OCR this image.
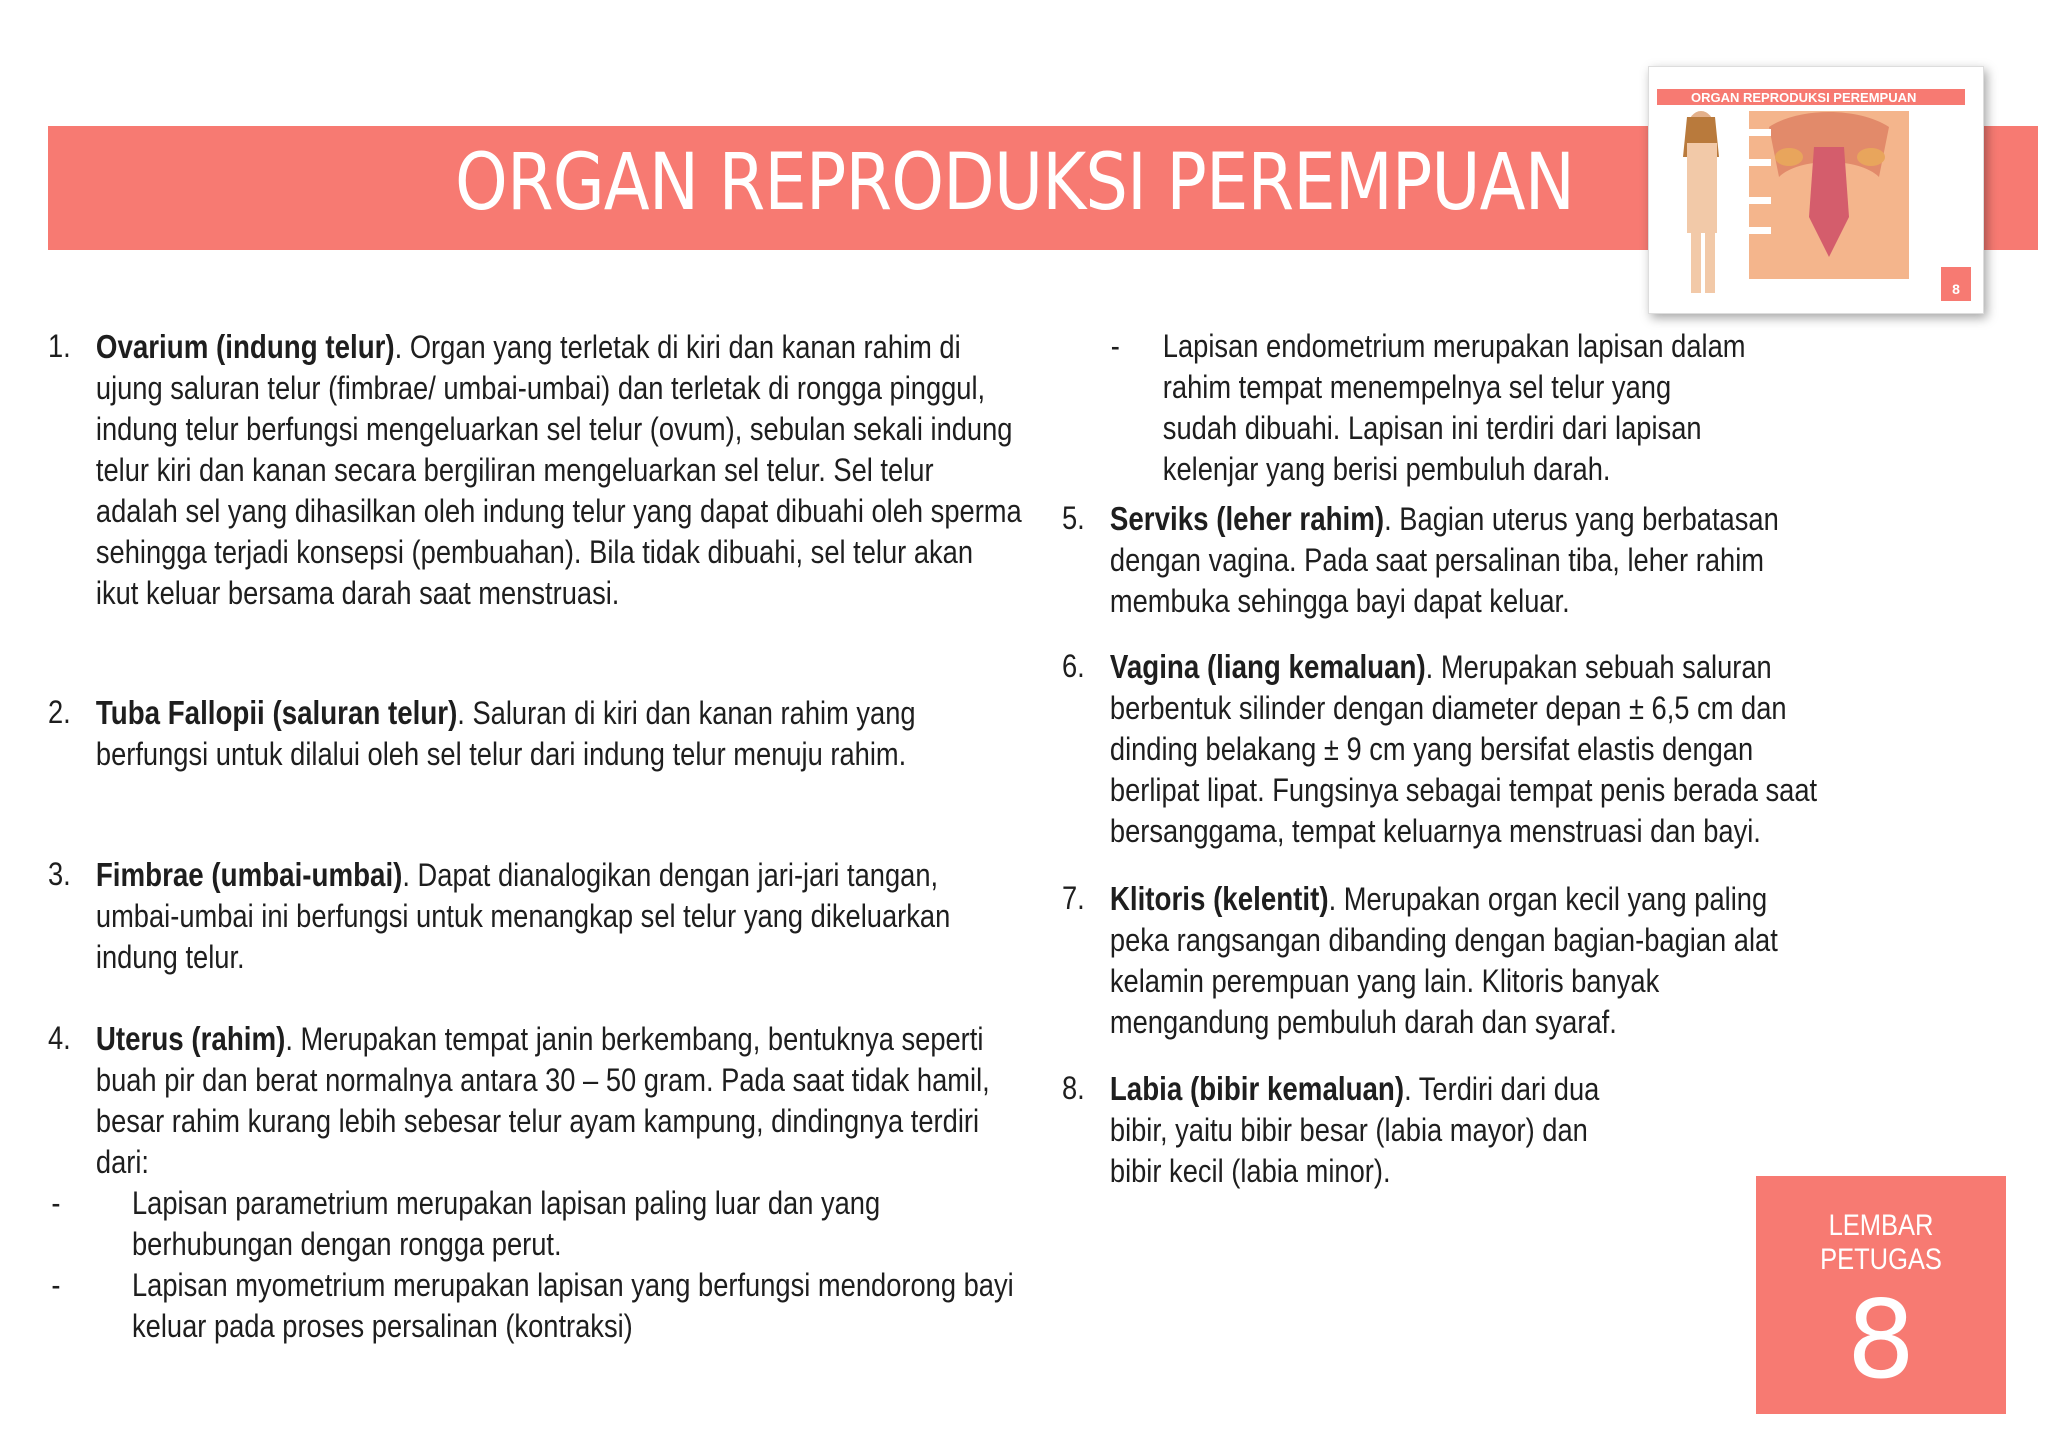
ORGAN REPRODUKSI PEREMPUAN
ORGAN REPRODUKSI PEREMPUAN
8
1. Ovarium (indung telur). Organ yang terletak di kiri dan kanan rahim di ujung saluran telur (fimbrae/ umbai-umbai) dan terletak di rongga pinggul, indung telur berfungsi mengeluarkan sel telur (ovum), sebulan sekali indung telur kiri dan kanan secara bergiliran mengeluarkan sel telur. Sel telur adalah sel yang dihasilkan oleh indung telur yang dapat dibuahi oleh sperma sehingga terjadi konsepsi (pembuahan). Bila tidak dibuahi, sel telur akan ikut keluar bersama darah saat menstruasi.
2. Tuba Fallopii (saluran telur). Saluran di kiri dan kanan rahim yang berfungsi untuk dilalui oleh sel telur dari indung telur menuju rahim.
3. Fimbrae (umbai-umbai). Dapat dianalogikan dengan jari-jari tangan, umbai-umbai ini berfungsi untuk menangkap sel telur yang dikeluarkan indung telur.
4. Uterus (rahim). Merupakan tempat janin berkembang, bentuknya seperti buah pir dan berat normalnya antara 30 – 50 gram. Pada saat tidak hamil, besar rahim kurang lebih sebesar telur ayam kampung, dindingnya terdiri dari:
- Lapisan parametrium merupakan lapisan paling luar dan yang berhubungan dengan rongga perut.
- Lapisan myometrium merupakan lapisan yang berfungsi mendorong bayi keluar pada proses persalinan (kontraksi)
- Lapisan endometrium merupakan lapisan dalam rahim tempat menempelnya sel telur yang sudah dibuahi. Lapisan ini terdiri dari lapisan kelenjar yang berisi pembuluh darah.
5. Serviks (leher rahim). Bagian uterus yang berbatasan dengan vagina. Pada saat persalinan tiba, leher rahim membuka sehingga bayi dapat keluar.
6. Vagina (liang kemaluan). Merupakan sebuah saluran berbentuk silinder dengan diameter depan ± 6,5 cm dan dinding belakang ± 9 cm yang bersifat elastis dengan berlipat lipat. Fungsinya sebagai tempat penis berada saat bersanggama, tempat keluarnya menstruasi dan bayi.
7. Klitoris (kelentit). Merupakan organ kecil yang paling peka rangsangan dibanding dengan bagian-bagian alat kelamin perempuan yang lain. Klitoris banyak mengandung pembuluh darah dan syaraf.
8. Labia (bibir kemaluan). Terdiri dari dua bibir, yaitu bibir besar (labia mayor) dan bibir kecil (labia minor).
LEMBAR PETUGAS
8
